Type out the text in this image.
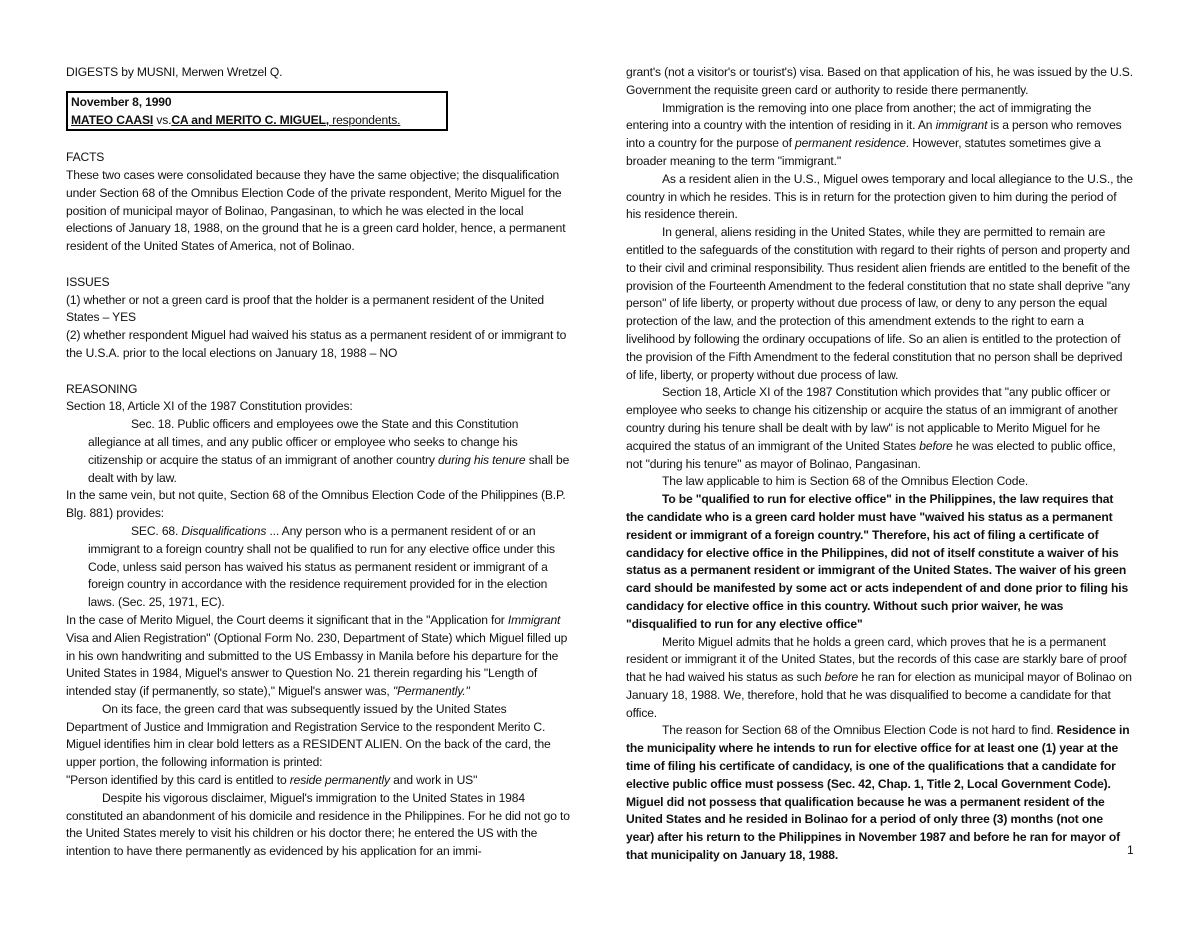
DIGESTS by MUSNI, Merwen Wretzel Q.

November 8, 1990

MATEO CAASI vs.CA and MERITO C. MIGUEL, respondents.

FACTS

These two cases were consolidated because they have the same objective; the disqualification under Section 68 of the Omnibus Election Code of the private respondent, Merito Miguel for the position of municipal mayor of Bolinao, Pangasinan, to which he was elected in the local elections of January 18, 1988, on the ground that he is a green card holder, hence, a permanent resident of the United States of America, not of Bolinao.

ISSUES

(1) whether or not a green card is proof that the holder is a permanent resident of the United States – YES

(2) whether respondent Miguel had waived his status as a permanent resident of or immigrant to the U.S.A. prior to the local elections on January 18, 1988 – NO

REASONING

Section 18, Article XI of the 1987 Constitution provides:

Sec. 18. Public officers and employees owe the State and this Constitution allegiance at all times, and any public officer or employee who seeks to change his citizenship or acquire the status of an immigrant of another country during his tenure shall be dealt with by law.

In the same vein, but not quite, Section 68 of the Omnibus Election Code of the Philippines (B.P. Blg. 881) provides:

SEC. 68. Disqualifications ... Any person who is a permanent resident of or an immigrant to a foreign country shall not be qualified to run for any elective office under this Code, unless said person has waived his status as permanent resident or immigrant of a foreign country in accordance with the residence requirement provided for in the election laws. (Sec. 25, 1971, EC).

In the case of Merito Miguel, the Court deems it significant that in the "Application for Immigrant Visa and Alien Registration" (Optional Form No. 230, Department of State) which Miguel filled up in his own handwriting and submitted to the US Embassy in Manila before his departure for the United States in 1984, Miguel's answer to Question No. 21 therein regarding his "Length of intended stay (if permanently, so state)," Miguel's answer was, "Permanently."

On its face, the green card that was subsequently issued by the United States Department of Justice and Immigration and Registration Service to the respondent Merito C. Miguel identifies him in clear bold letters as a RESIDENT ALIEN. On the back of the card, the upper portion, the following information is printed:

"Person identified by this card is entitled to reside permanently and work in US"

Despite his vigorous disclaimer, Miguel's immigration to the United States in 1984 constituted an abandonment of his domicile and residence in the Philippines. For he did not go to the United States merely to visit his children or his doctor there; he entered the US with the intention to have there permanently as evidenced by his application for an immi-

grant's (not a visitor's or tourist's) visa. Based on that application of his, he was issued by the U.S. Government the requisite green card or authority to reside there permanently.

Immigration is the removing into one place from another; the act of immigrating the entering into a country with the intention of residing in it. An immigrant is a person who removes into a country for the purpose of permanent residence. However, statutes sometimes give a broader meaning to the term "immigrant."

As a resident alien in the U.S., Miguel owes temporary and local allegiance to the U.S., the country in which he resides. This is in return for the protection given to him during the period of his residence therein.

In general, aliens residing in the United States, while they are permitted to remain are entitled to the safeguards of the constitution with regard to their rights of person and property and to their civil and criminal responsibility. Thus resident alien friends are entitled to the benefit of the provision of the Fourteenth Amendment to the federal constitution that no state shall deprive "any person" of life liberty, or property without due process of law, or deny to any person the equal protection of the law, and the protection of this amendment extends to the right to earn a livelihood by following the ordinary occupations of life. So an alien is entitled to the protection of the provision of the Fifth Amendment to the federal constitution that no person shall be deprived of life, liberty, or property without due process of law.

Section 18, Article XI of the 1987 Constitution which provides that "any public officer or employee who seeks to change his citizenship or acquire the status of an immigrant of another country during his tenure shall be dealt with by law" is not applicable to Merito Miguel for he acquired the status of an immigrant of the United States before he was elected to public office, not "during his tenure" as mayor of Bolinao, Pangasinan.

The law applicable to him is Section 68 of the Omnibus Election Code.

To be "qualified to run for elective office" in the Philippines, the law requires that the candidate who is a green card holder must have "waived his status as a permanent resident or immigrant of a foreign country." Therefore, his act of filing a certificate of candidacy for elective office in the Philippines, did not of itself constitute a waiver of his status as a permanent resident or immigrant of the United States. The waiver of his green card should be manifested by some act or acts independent of and done prior to filing his candidacy for elective office in this country. Without such prior waiver, he was "disqualified to run for any elective office"

Merito Miguel admits that he holds a green card, which proves that he is a permanent resident or immigrant it of the United States, but the records of this case are starkly bare of proof that he had waived his status as such before he ran for election as municipal mayor of Bolinao on January 18, 1988. We, therefore, hold that he was disqualified to become a candidate for that office.

The reason for Section 68 of the Omnibus Election Code is not hard to find. Residence in the municipality where he intends to run for elective office for at least one (1) year at the time of filing his certificate of candidacy, is one of the qualifications that a candidate for elective public office must possess (Sec. 42, Chap. 1, Title 2, Local Government Code). Miguel did not possess that qualification because he was a permanent resident of the United States and he resided in Bolinao for a period of only three (3) months (not one year) after his return to the Philippines in November 1987 and before he ran for mayor of that municipality on January 18, 1988.	1
